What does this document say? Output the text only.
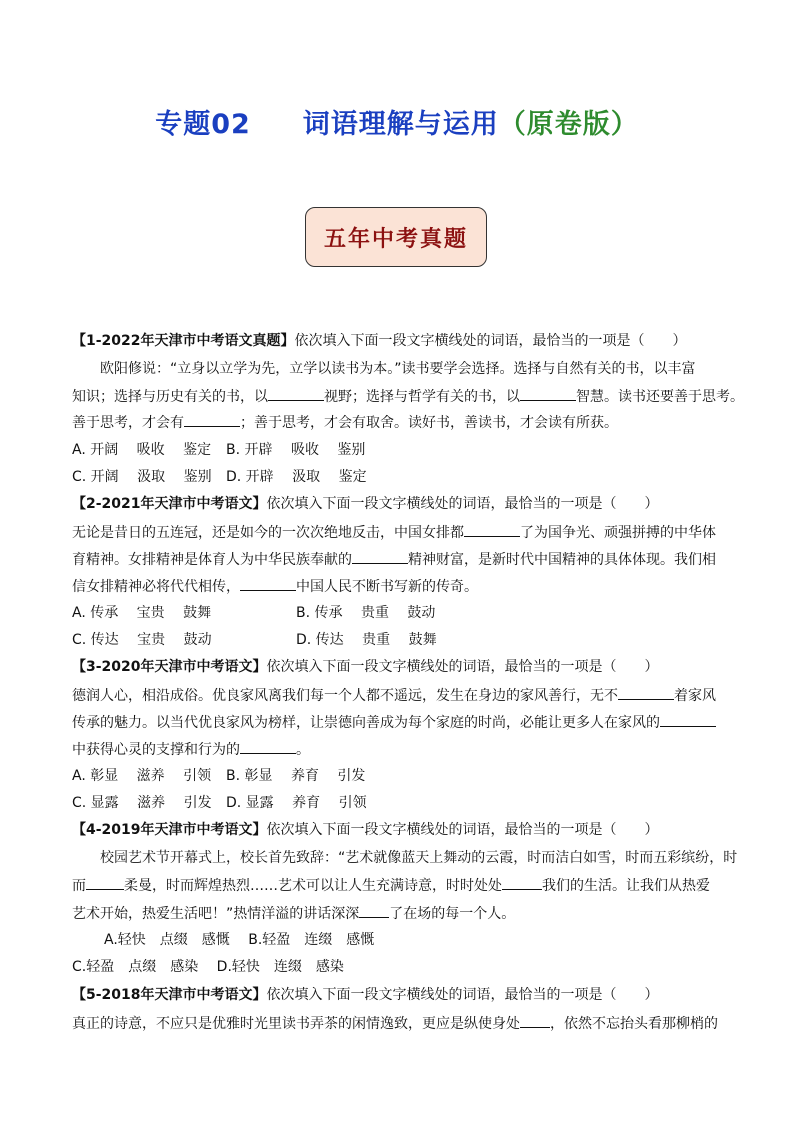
专题02 词语理解与运用（原卷版）
五年中考真题
【1-2022年天津市中考语文真题】依次填入下面一段文字横线处的词语，最恰当的一项是（　　）
欧阳修说：“立身以立学为先，立学以读书为本。”读书要学会选择。选择与自然有关的书，以丰富
知识；选择与历史有关的书，以	视野；选择与哲学有关的书，以	智慧。读书还要善于思考。
善于思考，才会有	；善于思考，才会有取舍。读好书，善读书，才会读有所获。
A. 开阔　 吸收　 鉴定 B. 开辟　 吸收　 鉴别
C. 开阔　 汲取　 鉴别 D. 开辟　 汲取　 鉴定
【2-2021年天津市中考语文】依次填入下面一段文字横线处的词语，最恰当的一项是（　　）
无论是昔日的五连冠，还是如今的一次次绝地反击，中国女排都	了为国争光、顽强拼搏的中华体
育精神。女排精神是体育人为中华民族奉献的	精神财富，是新时代中国精神的具体体现。我们相
信女排精神必将代代相传，	中国人民不断书写新的传奇。
A. 传承　 宝贵　 鼓舞	B. 传承　 贵重　 鼓动
C. 传达　 宝贵　 鼓动	D. 传达　 贵重　 鼓舞
【3-2020年天津市中考语文】依次填入下面一段文字横线处的词语，最恰当的一项是（　　）
德润人心，相沿成俗。优良家风离我们每一个人都不遥远，发生在身边的家风善行，无不	着家风
传承的魅力。以当代优良家风为榜样，让崇德向善成为每个家庭的时尚，必能让更多人在家风的
中获得心灵的支撑和行为的	。
A. 彰显　 滋养　 引领 B. 彰显　 养育　 引发
C. 显露　 滋养　 引发 D. 显露　 养育　 引领
【4-2019年天津市中考语文】依次填入下面一段文字横线处的词语，最恰当的一项是（　　）
校园艺术节开幕式上，校长首先致辞：“艺术就像蓝天上舞动的云霞，时而洁白如雪，时而五彩缤纷，时
而	柔曼，时而辉煌热烈……艺术可以让人生充满诗意，时时处处	我们的生活。让我们从热爱
艺术开始，热爱生活吧！”热情洋溢的讲话深深 了在场的每一个人。
A.轻快　点缀　感慨　 B.轻盈　连缀　感慨
C.轻盈　点缀　感染　 D.轻快　连缀　感染
【5-2018年天津市中考语文】依次填入下面一段文字横线处的词语，最恰当的一项是（　　）
真正的诗意，不应只是优雅时光里读书弄茶的闲情逸致，更应是纵使身处 ，依然不忘抬头看那柳梢的
